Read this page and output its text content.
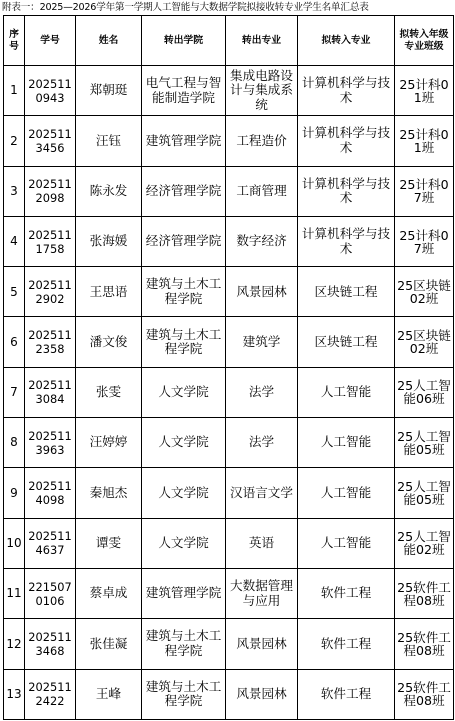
附表一：2025—2026学年第一学期人工智能与大数据学院拟接收转专业学生名单汇总表
序号	学号	姓名	转出学院	转出专业	拟转入专业	拟转入年级专业班级
1	2025110943	郑朝珽	电气工程与智能制造学院	集成电路设计与集成系统	计算机科学与技术	25计科01班
2	2025113456	汪钰	建筑管理学院	工程造价	计算机科学与技术	25计科01班
3	2025112098	陈永发	经济管理学院	工商管理	计算机科学与技术	25计科07班
4	2025111758	张海媛	经济管理学院	数字经济	计算机科学与技术	25计科07班
5	2025112902	王思语	建筑与土木工程学院	风景园林	区块链工程	25区块链02班
6	2025112358	潘文俊	建筑与土木工程学院	建筑学	区块链工程	25区块链02班
7	2025113084	张雯	人文学院	法学	人工智能	25人工智能06班
8	2025113963	汪婷婷	人文学院	法学	人工智能	25人工智能05班
9	2025114098	秦旭杰	人文学院	汉语言文学	人工智能	25人工智能05班
10	2025114637	谭雯	人文学院	英语	人工智能	25人工智能02班
11	2215070106	蔡卓成	建筑管理学院	大数据管理与应用	软件工程	25软件工程08班
12	2025113468	张佳凝	建筑与土木工程学院	风景园林	软件工程	25软件工程08班
13	2025112422	王峰	建筑与土木工程学院	风景园林	软件工程	25软件工程08班
